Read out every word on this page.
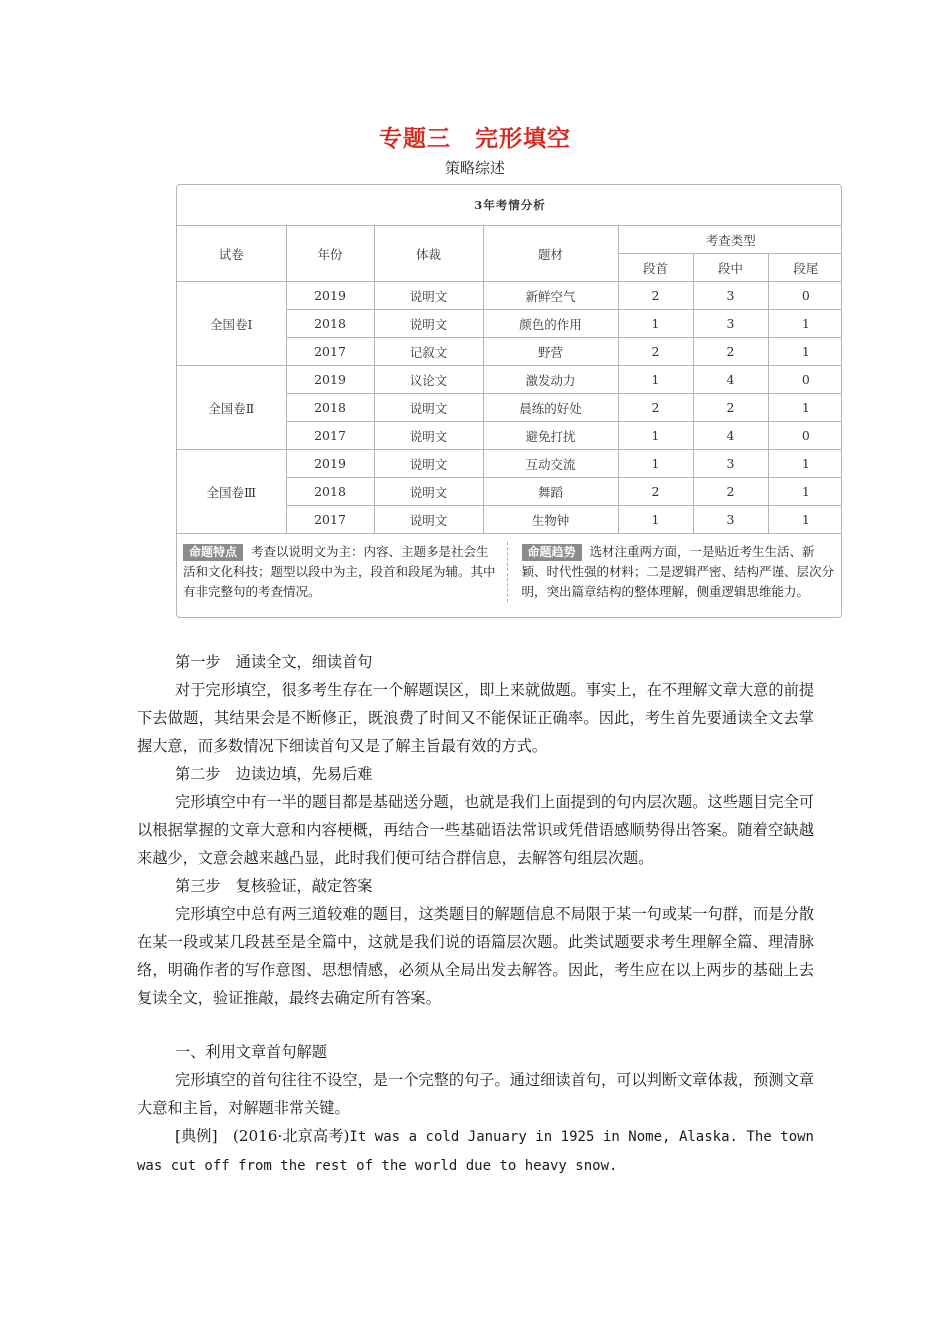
专题三　完形填空
策略综述
3年考情分析						
试卷	年份	体裁	题材	考查类型		
				段首	段中	段尾
全国卷Ⅰ	2019	说明文	新鲜空气	2	3	0
	2018	说明文	颜色的作用	1	3	1
	2017	记叙文	野营	2	2	1
全国卷Ⅱ	2019	议论文	激发动力	1	4	0
	2018	说明文	晨练的好处	2	2	1
	2017	说明文	避免打扰	1	4	0
全国卷Ⅲ	2019	说明文	互动交流	1	3	1
	2018	说明文	舞蹈	2	2	1
	2017	说明文	生物钟	1	3	1
命题特点 考查以说明文为主：内容、主题多是社会生活和文化科技；题型以段中为主，段首和段尾为辅。其中有非完整句的考查情况。
命题趋势 选材注重两方面，一是贴近考生生活、新颖、时代性强的材料；二是逻辑严密、结构严谨、层次分明，突出篇章结构的整体理解，侧重逻辑思维能力。

第一步　通读全文，细读首句

对于完形填空，很多考生存在一个解题误区，即上来就做题。事实上，在不理解文章大意的前提下去做题，其结果会是不断修正，既浪费了时间又不能保证正确率。因此，考生首先要通读全文去掌握大意，而多数情况下细读首句又是了解主旨最有效的方式。

第二步　边读边填，先易后难

完形填空中有一半的题目都是基础送分题，也就是我们上面提到的句内层次题。这些题目完全可以根据掌握的文章大意和内容梗概，再结合一些基础语法常识或凭借语感顺势得出答案。随着空缺越来越少，文意会越来越凸显，此时我们便可结合群信息，去解答句组层次题。

第三步　复核验证，敲定答案

完形填空中总有两三道较难的题目，这类题目的解题信息不局限于某一句或某一句群，而是分散在某一段或某几段甚至是全篇中，这就是我们说的语篇层次题。此类试题要求考生理解全篇、理清脉络，明确作者的写作意图、思想情感，必须从全局出发去解答。因此，考生应在以上两步的基础上去复读全文，验证推敲，最终去确定所有答案。

一、利用文章首句解题

完形填空的首句往往不设空，是一个完整的句子。通过细读首句，可以判断文章体裁，预测文章大意和主旨，对解题非常关键。

[典例]　(2016·北京高考)It was a cold January in 1925 in Nome, Alaska. The town was cut off from the rest of the world due to heavy snow.
